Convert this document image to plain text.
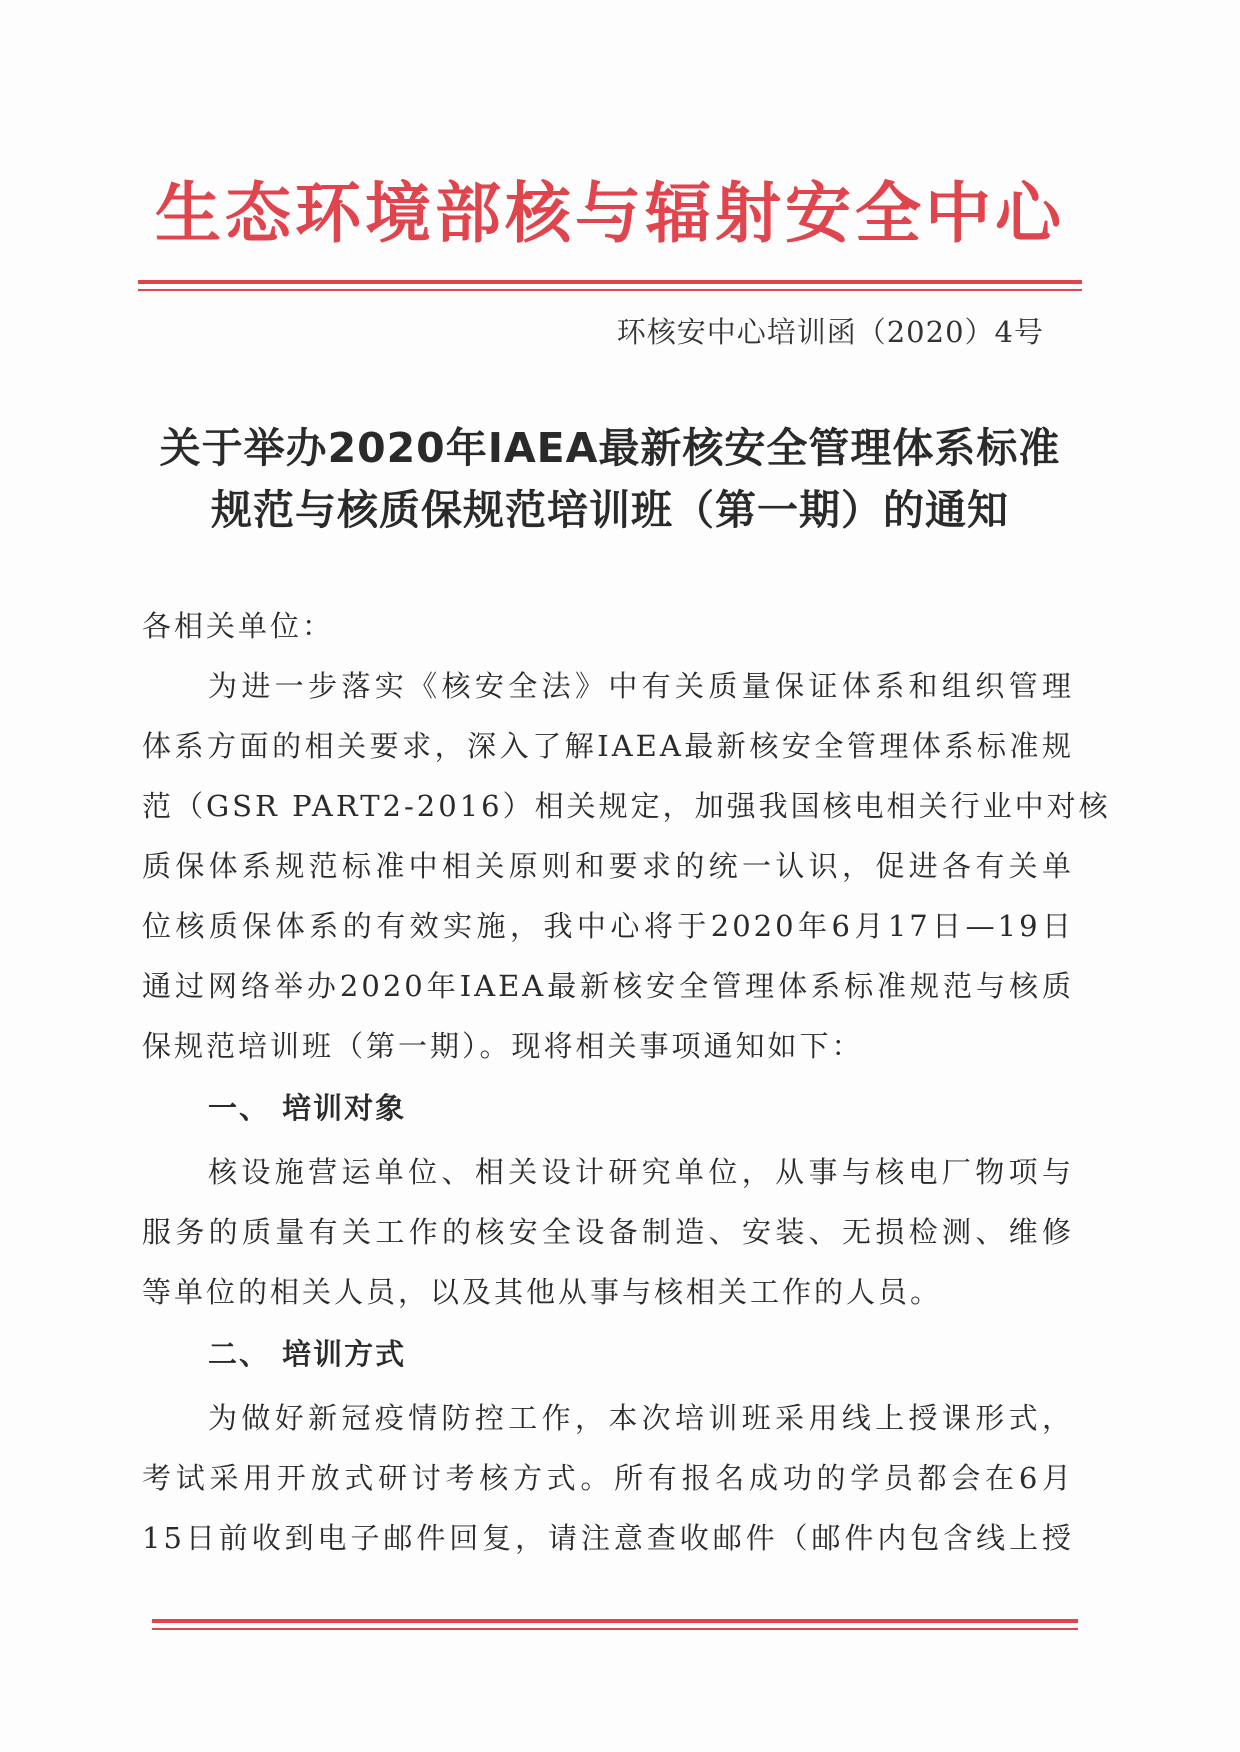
生态环境部核与辐射安全中心
环核安中心培训函（2020）4号
关于举办2020年IAEA最新核安全管理体系标准
规范与核质保规范培训班（第一期）的通知
各相关单位：
为进一步落实《核安全法》中有关质量保证体系和组织管理
体系方面的相关要求，深入了解IAEA最新核安全管理体系标准规
范（GSR PART2-2016）相关规定，加强我国核电相关行业中对核
质保体系规范标准中相关原则和要求的统一认识，促进各有关单
位核质保体系的有效实施，我中心将于2020年6月17日—19日
通过网络举办2020年IAEA最新核安全管理体系标准规范与核质
保规范培训班（第一期）。现将相关事项通知如下：
一、 培训对象
核设施营运单位、相关设计研究单位，从事与核电厂物项与
服务的质量有关工作的核安全设备制造、安装、无损检测、维修
等单位的相关人员，以及其他从事与核相关工作的人员。
二、 培训方式
为做好新冠疫情防控工作，本次培训班采用线上授课形式，
考试采用开放式研讨考核方式。所有报名成功的学员都会在6月
15日前收到电子邮件回复，请注意查收邮件（邮件内包含线上授
